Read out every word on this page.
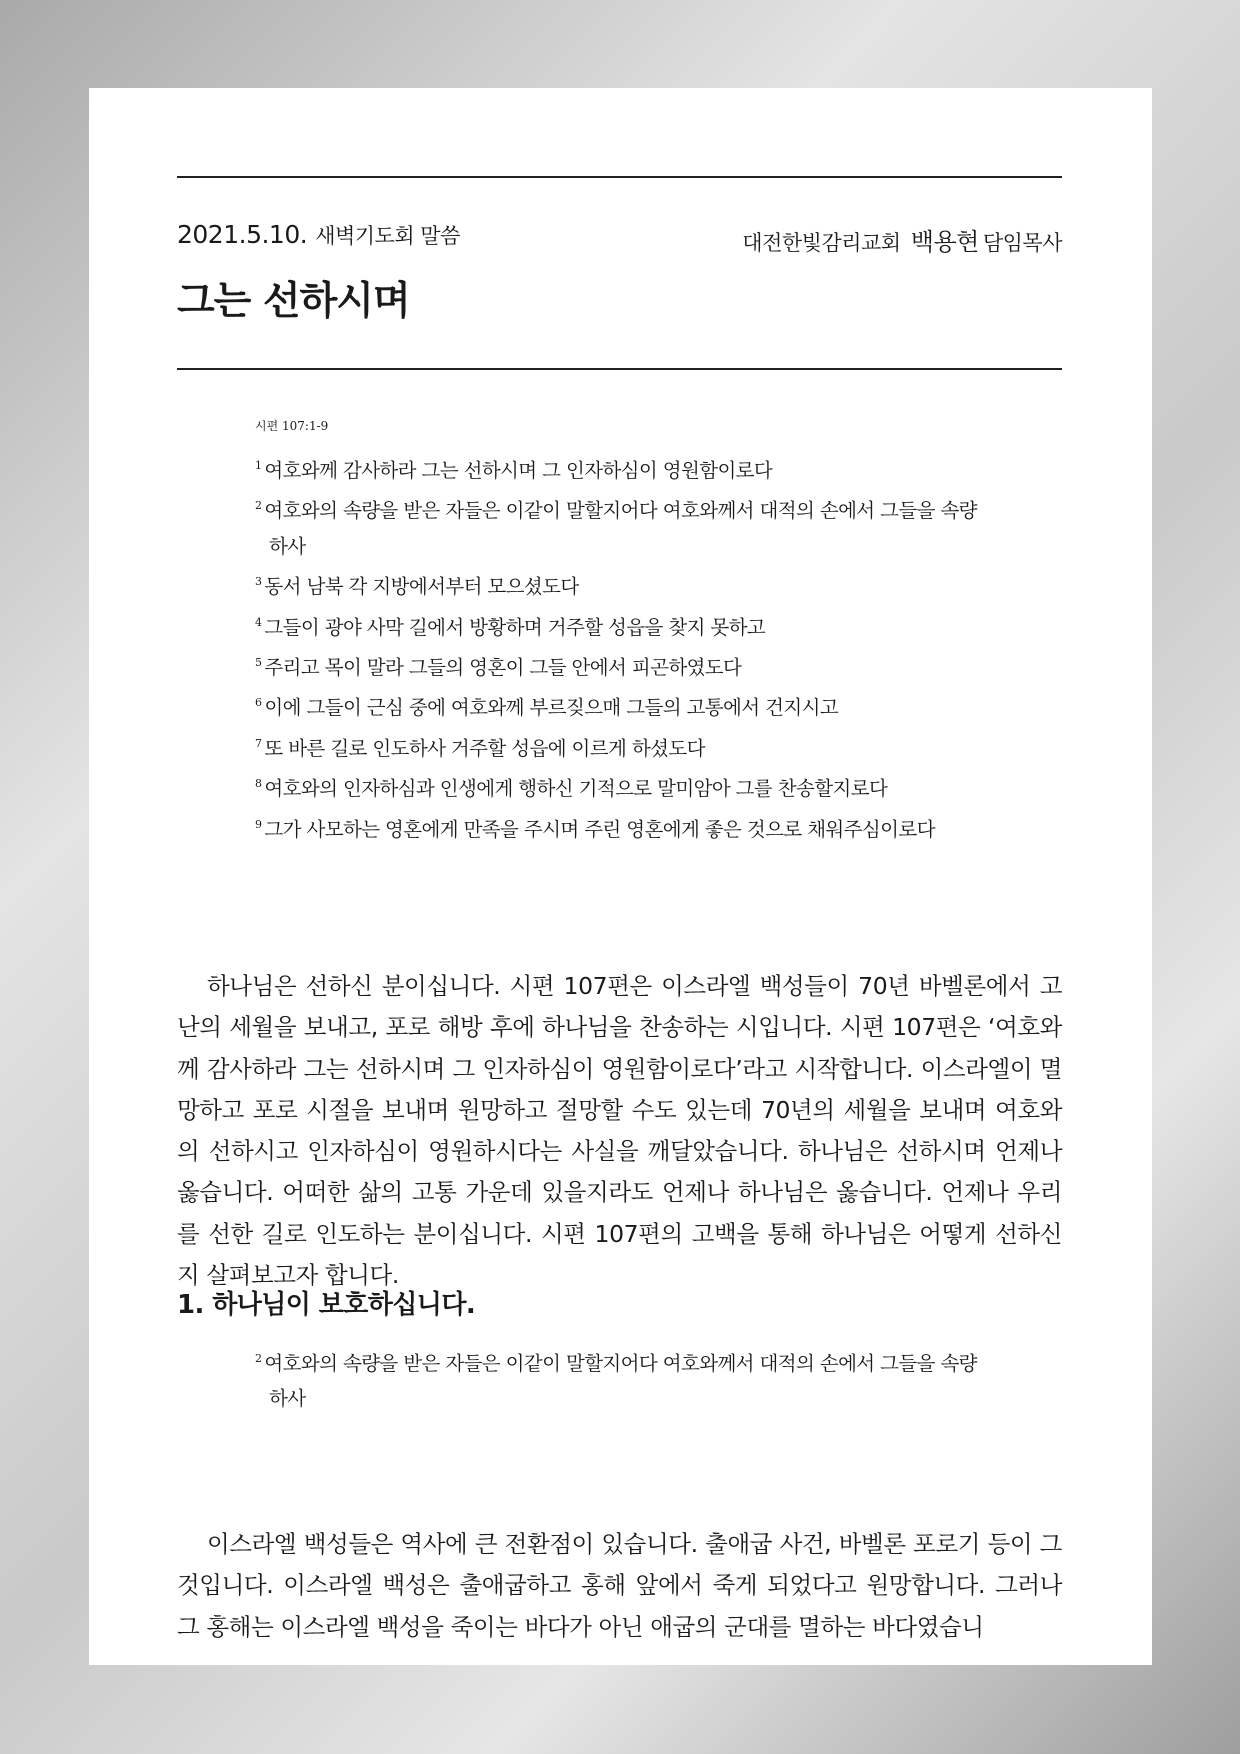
2021.5.10. 새벽기도회 말씀	대전한빛감리교회 백용현 담임목사
그는 선하시며
시편 107:1-9
$^1$ 여호와께 감사하라 그는 선하시며 그 인자하심이 영원함이로다
$^2$ 여호와의 속량을 받은 자들은 이같이 말할지어다 여호와께서 대적의 손에서 그들을 속량하사
$^3$ 동서 남북 각 지방에서부터 모으셨도다
$^4$ 그들이 광야 사막 길에서 방황하며 거주할 성읍을 찾지 못하고
$^5$ 주리고 목이 말라 그들의 영혼이 그들 안에서 피곤하였도다
$^6$ 이에 그들이 근심 중에 여호와께 부르짖으매 그들의 고통에서 건지시고
$^7$ 또 바른 길로 인도하사 거주할 성읍에 이르게 하셨도다
$^8$ 여호와의 인자하심과 인생에게 행하신 기적으로 말미암아 그를 찬송할지로다
$^9$ 그가 사모하는 영혼에게 만족을 주시며 주린 영혼에게 좋은 것으로 채워주심이로다

하나님은 선하신 분이십니다. 시편 107편은 이스라엘 백성들이 70년 바벨론에서 고난의 세월을 보내고, 포로 해방 후에 하나님을 찬송하는 시입니다. 시편 107편은 ‘여호와께 감사하라 그는 선하시며 그 인자하심이 영원함이로다’라고 시작합니다. 이스라엘이 멸망하고 포로 시절을 보내며 원망하고 절망할 수도 있는데 70년의 세월을 보내며 여호와의 선하시고 인자하심이 영원하시다는 사실을 깨달았습니다. 하나님은 선하시며 언제나 옳습니다. 어떠한 삶의 고통 가운데 있을지라도 언제나 하나님은 옳습니다. 언제나 우리를 선한 길로 인도하는 분이십니다. 시편 107편의 고백을 통해 하나님은 어떻게 선하신지 살펴보고자 합니다.

1. 하나님이 보호하십니다.
$^2$ 여호와의 속량을 받은 자들은 이같이 말할지어다 여호와께서 대적의 손에서 그들을 속량하사

이스라엘 백성들은 역사에 큰 전환점이 있습니다. 출애굽 사건, 바벨론 포로기 등이 그것입니다. 이스라엘 백성은 출애굽하고 홍해 앞에서 죽게 되었다고 원망합니다. 그러나 그 홍해는 이스라엘 백성을 죽이는 바다가 아닌 애굽의 군대를 멸하는 바다였습니
